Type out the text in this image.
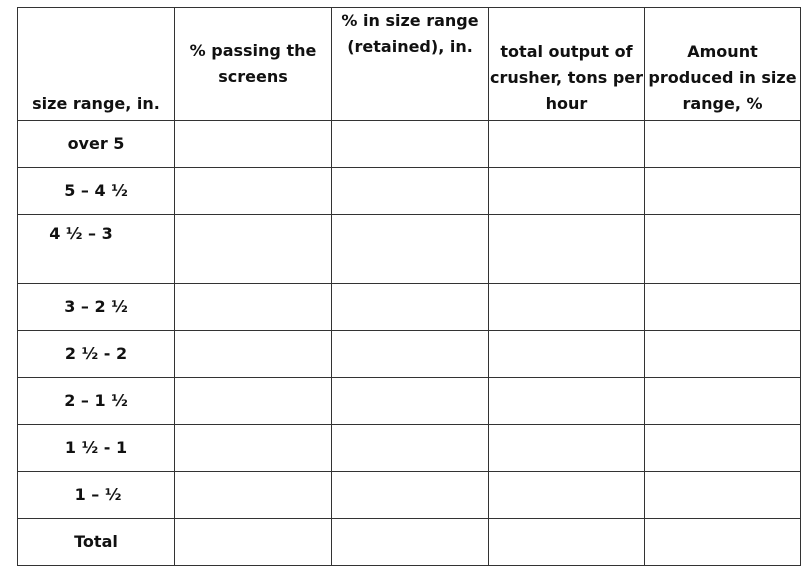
size range, in.	% passing the screens	% in size range (retained), in.	total output of crusher, tons per hour	Amount produced in size range, %
over 5				
5 – 4 ½				
4 ½ – 3				
3 – 2 ½				
2 ½ - 2				
2 – 1 ½				
1 ½ - 1				
1 – ½				
Total				
